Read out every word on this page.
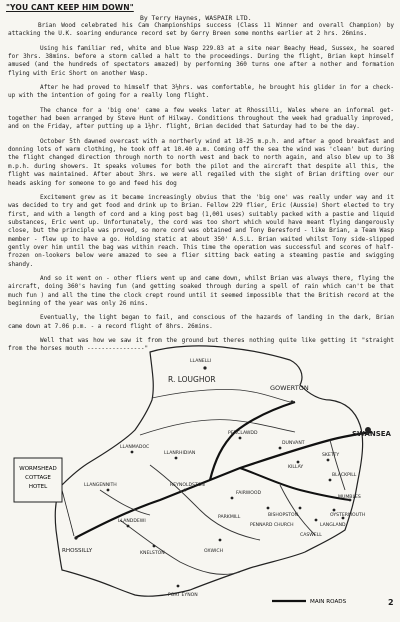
"YOU CANT KEEP HIM DOWN"
By Terry Haynes, WASPAIR LTD.

Brian Wood celebrated his Cam Championships success (Class 11 Winner and overall Champion) by attacking the U.K. soaring endurance record set by Gerry Breen some months earlier at 2 hrs. 26mins.

Using his familiar red, white and blue Wasp 229.83 at a site near Beachy Head, Sussex, he soared for 3hrs. 38mins. before a storm called a halt to the proceedings. During the flight, Brian kept himself amused (and the hundreds of spectators amazed) by performing 360 turns one after a nother and formation flying with Eric Short on another Wasp.

After he had proved to himself that 3½hrs. was comfortable, he brought his glider in for a check-up with the intention of going for a really long flight.

The chance for a 'big one' came a few weeks later at Rhossilli, Wales where an informal get-together had been arranged by Steve Hunt of Hilway. Conditions throughout the week had gradually improved, and on the Friday, after putting up a 1½hr. flight, Brian decided that Saturday had to be the day.

October 5th dawned overcast with a northerly wind at 18-25 m.p.h. and after a good breakfast and donning lots of warm clothing, he took off at 10.40 a.m. Coming off the sea the wind was 'clean' but during the flight changed direction through north to north west and back to north again, and also blew up to 38 m.p.h. during showers. It speaks volumes for both the pilot and the aircraft that despite all this, the flight was maintained. After about 3hrs. we were all regailed with the sight of Brian drifting over our heads asking for someone to go and feed his dog

Excitement grew as it became increasingly obvius that the 'big one' was really under way and it was decided to try and get food and drink up to Brian. Fellow 229 flier, Eric (Aussie) Short elected to try first, and with a length of cord and a king post bag (1,001 uses) suitably packed with a pastie and liquid substances, Eric went up. Unfortunately, the cord was too short which would have meant flying dangerously close, but the principle was proved, so more cord was obtained and Tony Beresford - like Brian, a Team Wasp member - flew up to have a go. Holding static at about 350' A.S.L. Brian waited whilst Tony side-slipped gently over him until the bag was within reach. This time the operation was successful and scores of half-frozen on-lookers below were amazed to see a flier sitting back eating a steaming pastie and swigging shandy.

And so it went on - other fliers went up and came down, whilst Brian was always there, flying the aircraft, doing 360's having fun (and getting soaked through during a spell of rain which can't be that much fun ) and all the time the clock crept round until it seemed impossible that the British record at the beginning of the year was only 26 mins.

Eventually, the light began to fail, and conscious of the hazards of landing in the dark, Brian came down at 7.06 p.m. - a record flight of 8hrs. 26mins.

Well that was how we saw it from the ground but theres nothing quite like getting it "straight from the horses mouth ----------------"

WORMSHEAD COTTAGE HOTEL
LLANELLI
R. LOUGHOR
GOWERTON
SWANSEA
LLANMADOC
LLANRHIDIAN
PENCLAWDD
DUNVANT
KILLAY
SKETTY
MUMBLES
LLANGENNITH	REYNOLDSTON
FAIRWOOD
PARKMILL	BISHOPSTON
PENNARD CHURCH
RHOSSILLY
LLANDDEWI
KNELSTON	OXWICH
PORT EYNON
BLACKPILL
CASWELL
LANGLAND
OYSTERMOUTH
MAIN ROADS	2
